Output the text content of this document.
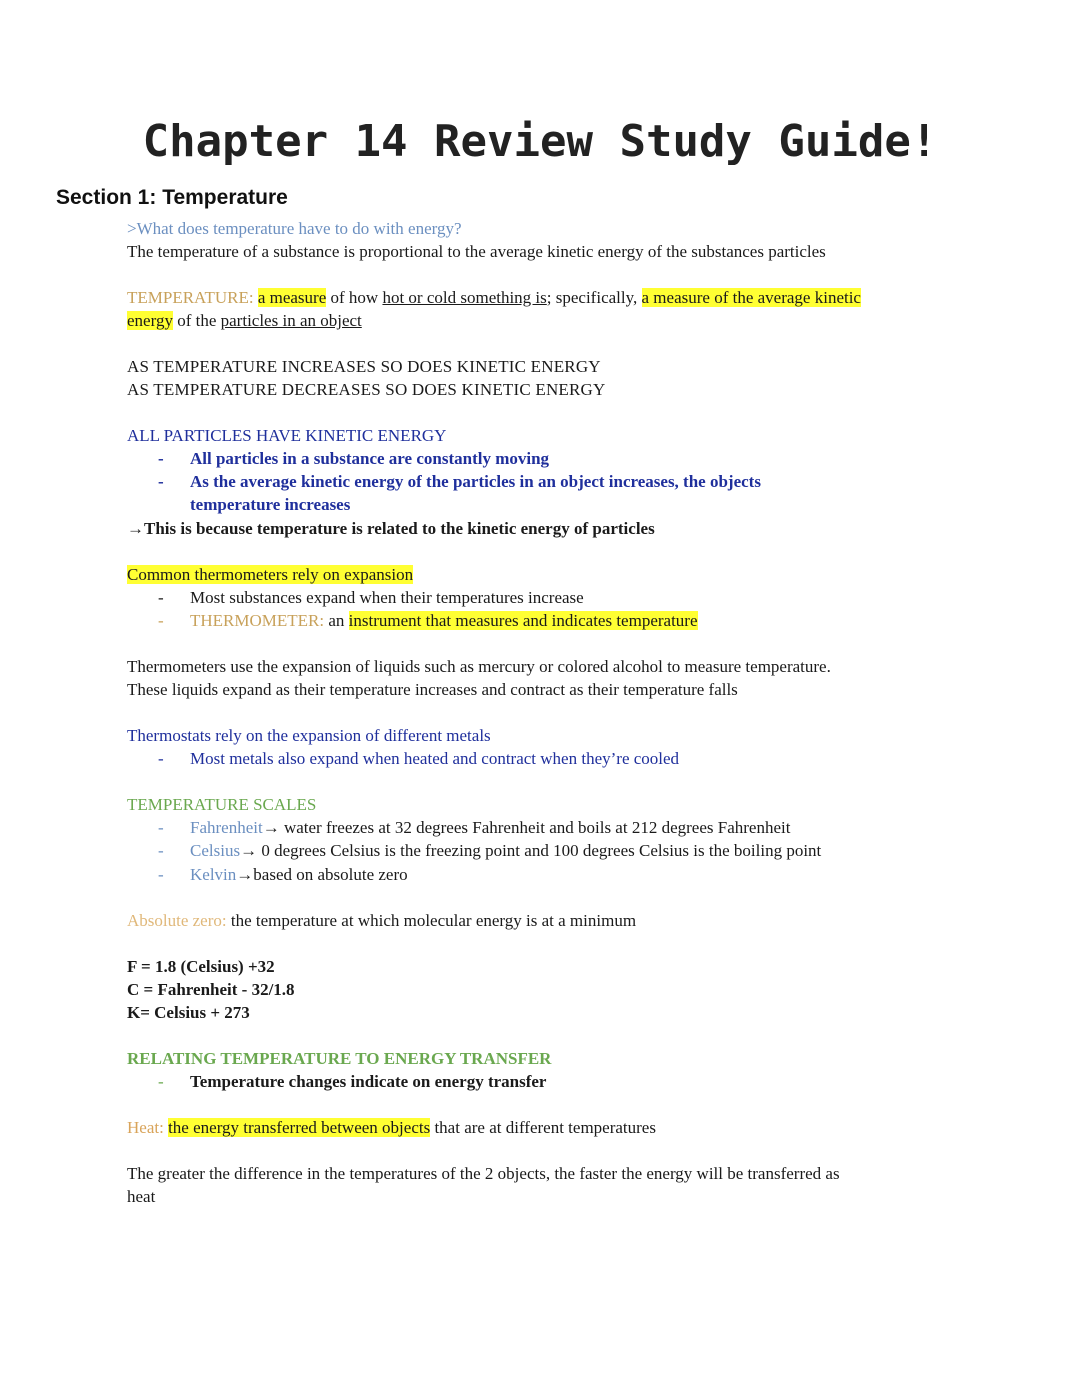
Chapter 14 Review Study Guide!
Section 1: Temperature
>What does temperature have to do with energy?
The temperature of a substance is proportional to the average kinetic energy of the substances particles
TEMPERATURE: a measure of how hot or cold something is; specifically, a measure of the average kinetic
energy of the particles in an object
AS TEMPERATURE INCREASES SO DOES KINETIC ENERGY
AS TEMPERATURE DECREASES SO DOES KINETIC ENERGY
ALL PARTICLES HAVE KINETIC ENERGY
- All particles in a substance are constantly moving
- As the average kinetic energy of the particles in an object increases, the objects
temperature increases
→This is because temperature is related to the kinetic energy of particles
Common thermometers rely on expansion
- Most substances expand when their temperatures increase
- THERMOMETER: an instrument that measures and indicates temperature
Thermometers use the expansion of liquids such as mercury or colored alcohol to measure temperature.
These liquids expand as their temperature increases and contract as their temperature falls
Thermostats rely on the expansion of different metals
- Most metals also expand when heated and contract when they’re cooled
TEMPERATURE SCALES
- Fahrenheit→ water freezes at 32 degrees Fahrenheit and boils at 212 degrees Fahrenheit
- Celsius→ 0 degrees Celsius is the freezing point and 100 degrees Celsius is the boiling point
- Kelvin→based on absolute zero
Absolute zero: the temperature at which molecular energy is at a minimum
F = 1.8 (Celsius) +32
C = Fahrenheit - 32/1.8
K= Celsius + 273
RELATING TEMPERATURE TO ENERGY TRANSFER
- Temperature changes indicate on energy transfer
Heat: the energy transferred between objects that are at different temperatures
The greater the difference in the temperatures of the 2 objects, the faster the energy will be transferred as
heat
